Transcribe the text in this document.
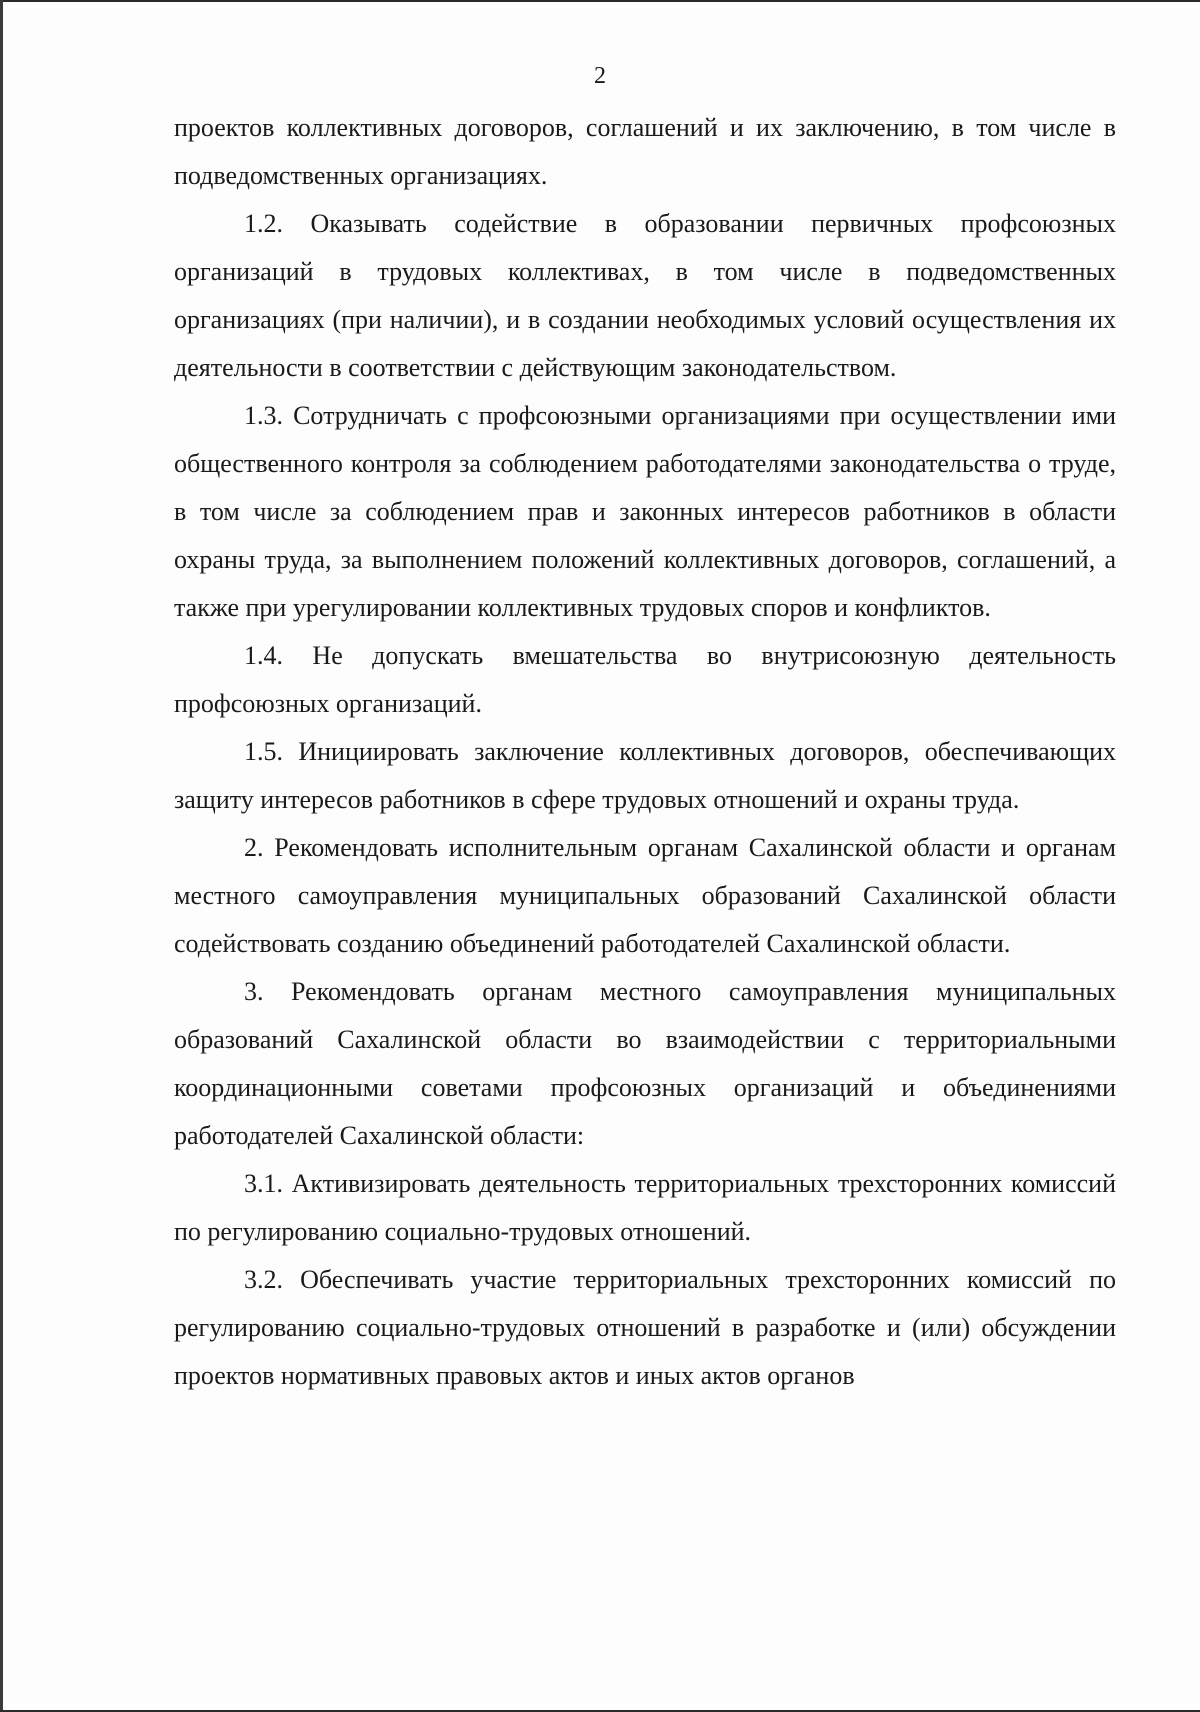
2

проектов коллективных договоров, соглашений и их заключению, в том числе в подведомственных организациях.

1.2. Оказывать содействие в образовании первичных профсоюзных организаций в трудовых коллективах, в том числе в подведомственных организациях (при наличии), и в создании необходимых условий осуществления их деятельности в соответствии с действующим законодательством.

1.3. Сотрудничать с профсоюзными организациями при осуществлении ими общественного контроля за соблюдением работодателями законодательства о труде, в том числе за соблюдением прав и законных интересов работников в области охраны труда, за выполнением положений коллективных договоров, соглашений, а также при урегулировании коллективных трудовых споров и конфликтов.

1.4. Не допускать вмешательства во внутрисоюзную деятельность профсоюзных организаций.

1.5. Инициировать заключение коллективных договоров, обеспечивающих защиту интересов работников в сфере трудовых отношений и охраны труда.

2. Рекомендовать исполнительным органам Сахалинской области и органам местного самоуправления муниципальных образований Сахалинской области содействовать созданию объединений работодателей Сахалинской области.

3. Рекомендовать органам местного самоуправления муниципальных образований Сахалинской области во взаимодействии с территориальными координационными советами профсоюзных организаций и объединениями работодателей Сахалинской области:

3.1. Активизировать деятельность территориальных трехсторонних комиссий по регулированию социально-трудовых отношений.

3.2. Обеспечивать участие территориальных трехсторонних комиссий по регулированию социально-трудовых отношений в разработке и (или) обсуждении проектов нормативных правовых актов и иных актов органов
